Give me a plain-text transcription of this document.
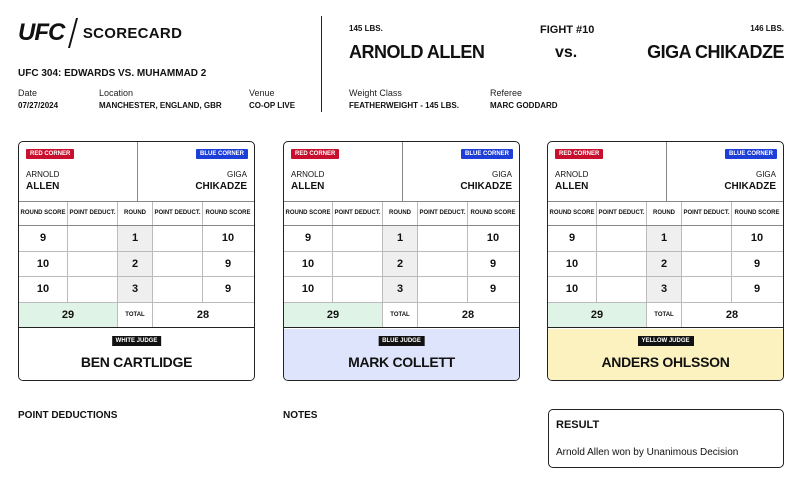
UFC SCORECARD
UFC 304: EDWARDS VS. MUHAMMAD 2
Date
07/27/2024
Location
MANCHESTER, ENGLAND, GBR
Venue
CO-OP LIVE
145 LBS.
ARNOLD ALLEN
FIGHT #10
vs.
146 LBS.
GIGA CHIKADZE
Weight Class
FEATHERWEIGHT - 145 LBS.
Referee
MARC GODDARD
RED CORNER	BLUE CORNER
ARNOLD
ALLEN
GIGA
CHIKADZE
ROUND SCORE POINT DEDUCT.	ROUND	POINT DEDUCT. ROUND SCORE
9	1	10
10	2	9
10	3	9
29	TOTAL	28
WHITE JUDGE
BEN CARTLIDGE
RED CORNER	BLUE CORNER
ARNOLD
ALLEN
GIGA
CHIKADZE
ROUND SCORE POINT DEDUCT.	ROUND	POINT DEDUCT. ROUND SCORE
9	1	10
10	2	9
10	3	9
29	TOTAL	28
BLUE JUDGE
MARK COLLETT
RED CORNER	BLUE CORNER
ARNOLD
ALLEN
GIGA
CHIKADZE
ROUND SCORE POINT DEDUCT.	ROUND	POINT DEDUCT. ROUND SCORE
9	1	10
10	2	9
10	3	9
29	TOTAL	28
YELLOW JUDGE
ANDERS OHLSSON
POINT DEDUCTIONS	NOTES
RESULT
Arnold Allen won by Unanimous Decision
